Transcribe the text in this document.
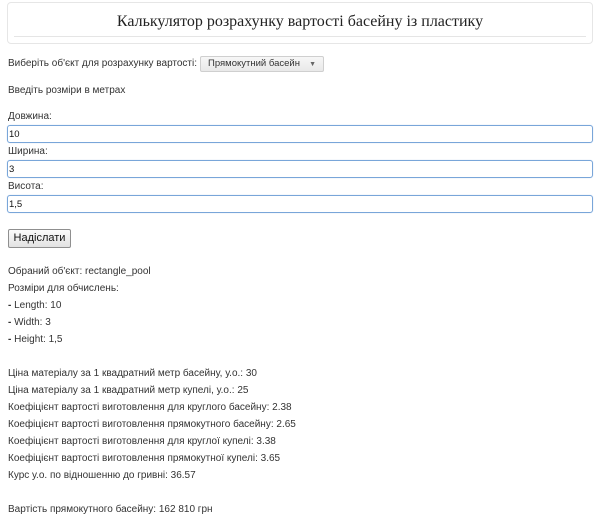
Калькулятор розрахунку вартості басейну із пластику
Виберіть об'єкт для розрахунку вартості:	Прямокутний басейн ▼
Введіть розміри в метрах
Довжина:
10
Ширина:
3
Висота:
1,5
Надіслати
Обраний об'єкт: rectangle_pool
Розміри для обчислень:
- Length: 10
- Width: 3
- Height: 1,5
Ціна матеріалу за 1 квадратний метр басейну, у.о.: 30
Ціна матеріалу за 1 квадратний метр купелі, у.о.: 25
Коефіцієнт вартості виготовлення для круглого басейну: 2.38
Коефіцієнт вартості виготовлення прямокутного басейну: 2.65
Коефіцієнт вартості виготовлення для круглої купелі: 3.38
Коефіцієнт вартості виготовлення прямокутної купелі: 3.65
Курс у.о. по відношенню до гривні: 36.57
Вартість прямокутного басейну: 162 810 грн
